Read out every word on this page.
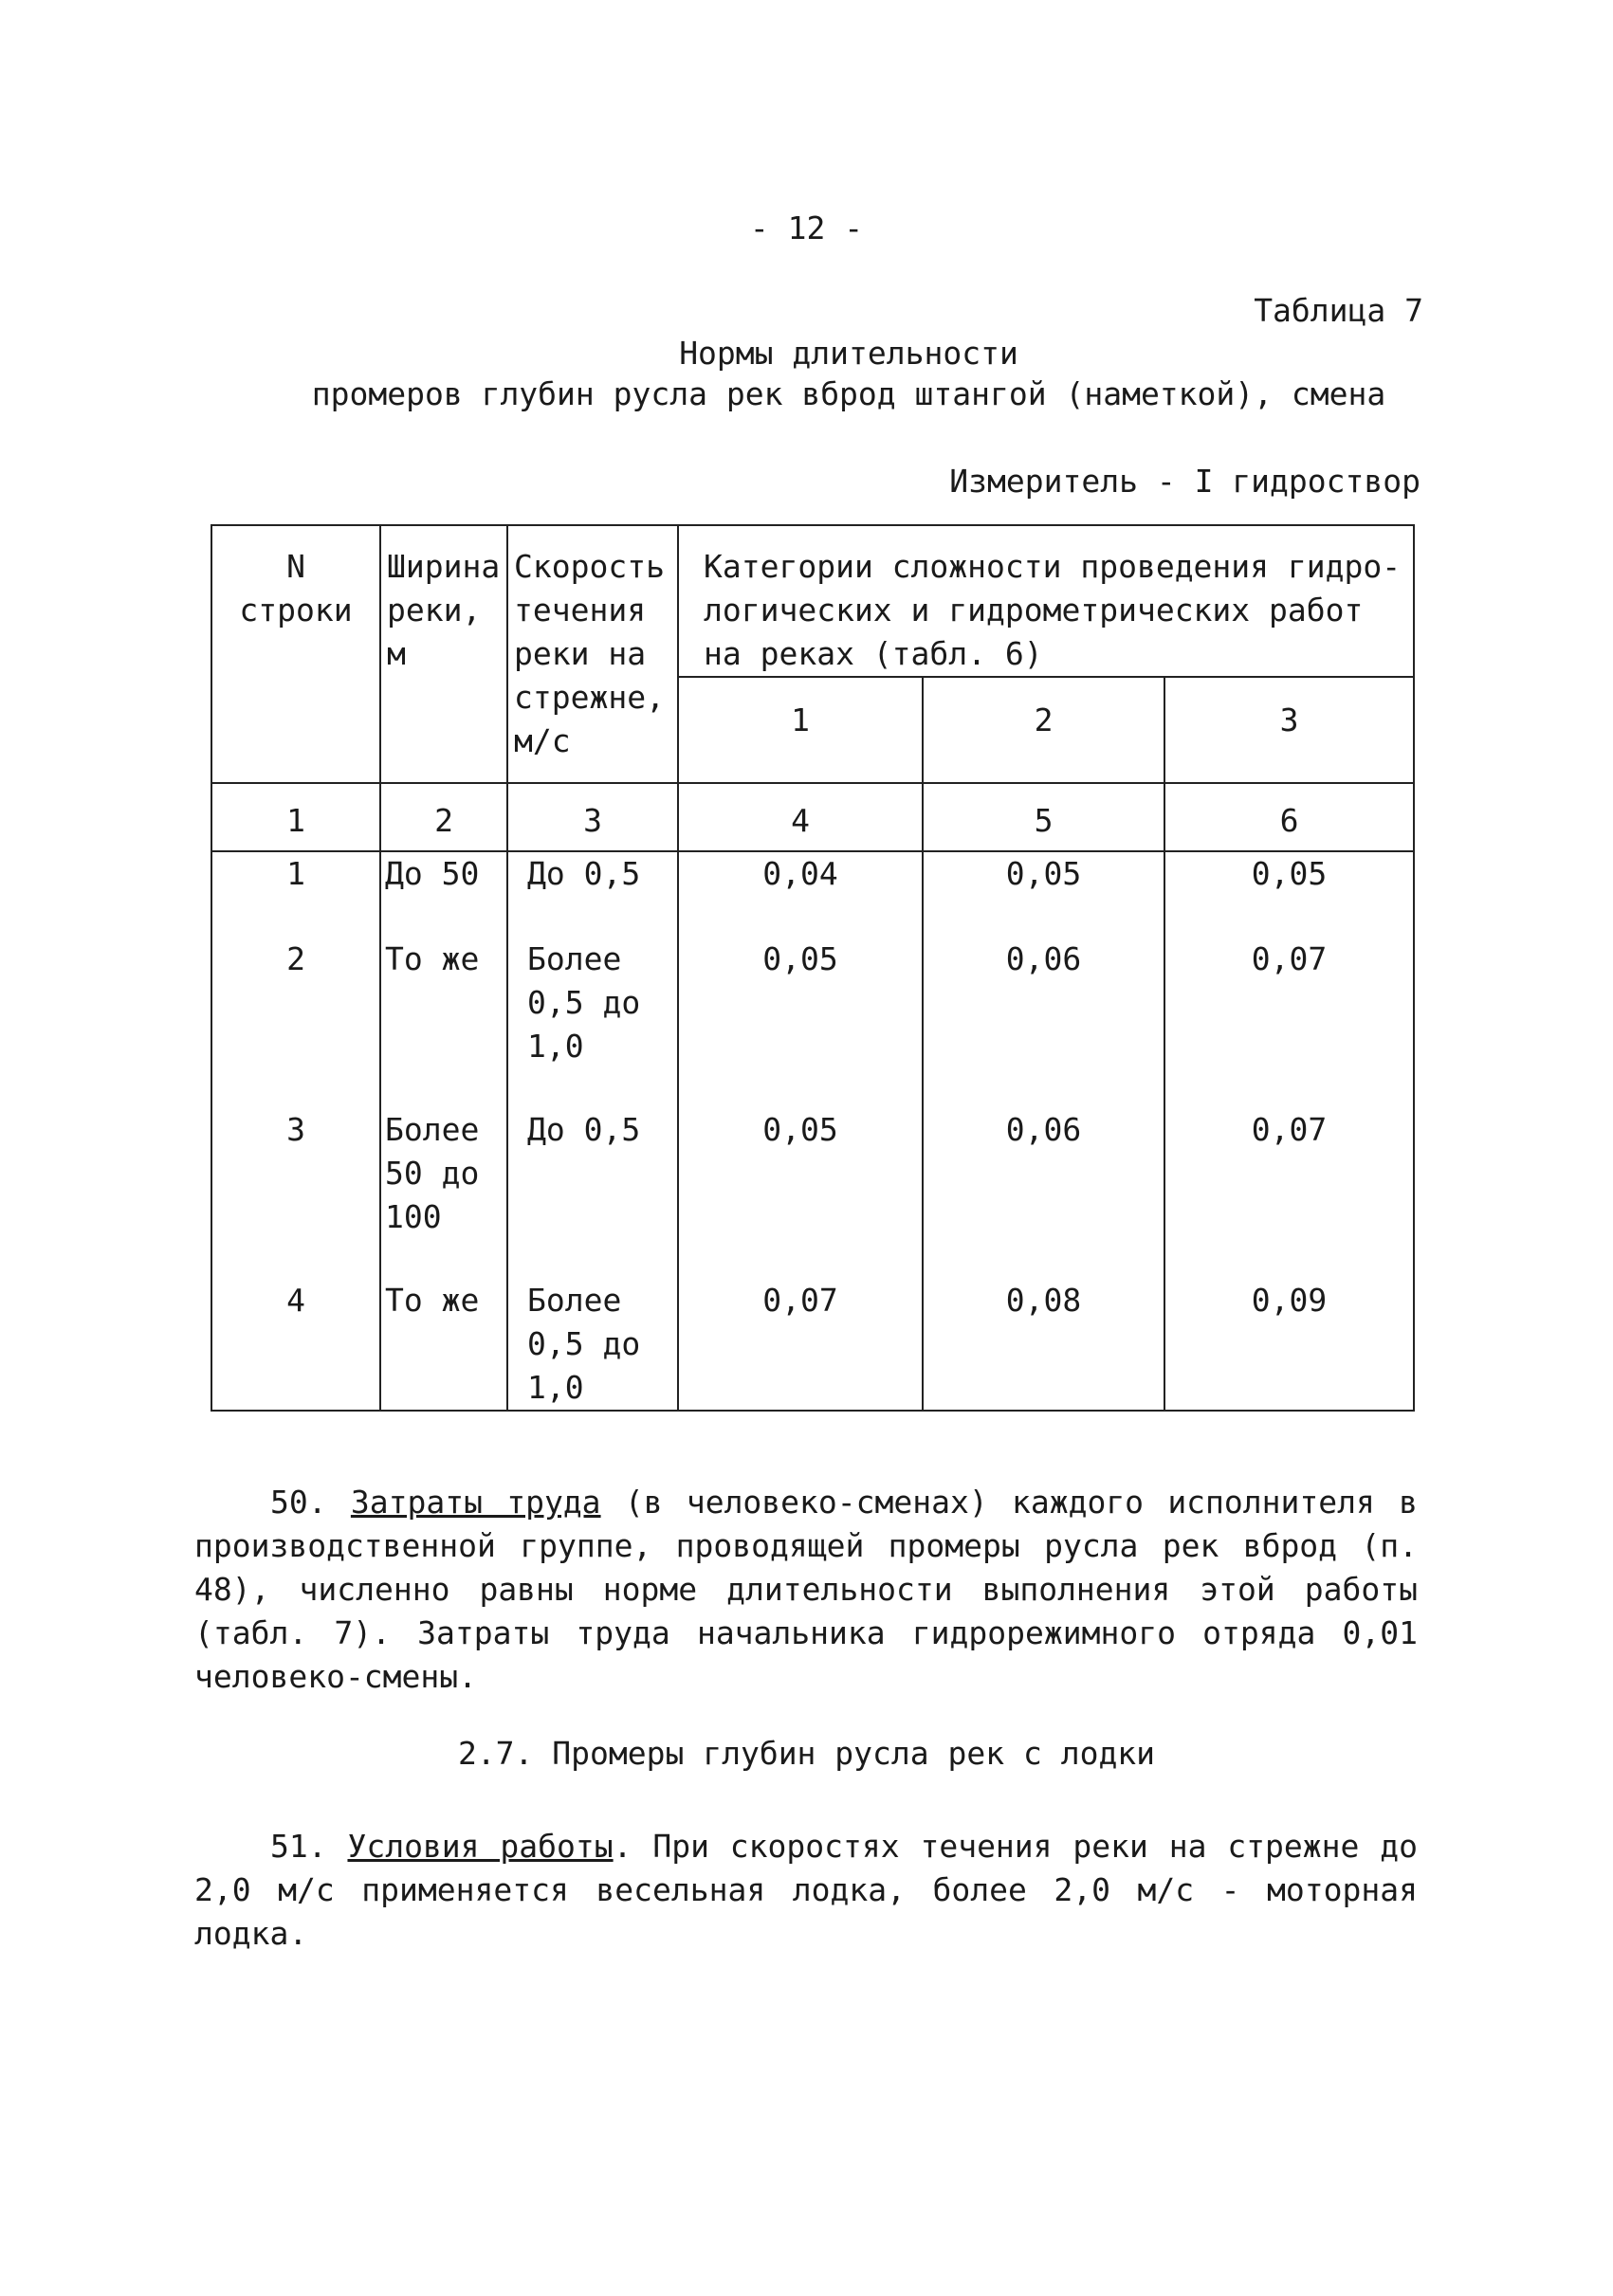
- 12 -
Таблица 7
Нормы длительности
промеров глубин русла рек вброд штангой (наметкой), смена
Измеритель - I гидроствор
N
строки	Ширина
реки,
м	Скорость
течения
реки на
стрежне,
м/с	Категории сложности проведения гидро-
логических и гидрометрических работ
на реках (табл. 6)		

			1	2	3
1	2	3	4	5	6
1	До 50	До 0,5	0,04	0,05	0,05
2	То же	Более
0,5 до
1,0	0,05	0,06	0,07
3	Более
50 до
100	До 0,5	0,05	0,06	0,07
4	То же	Более
0,5 до
1,0	0,07	0,08	0,09
50. Затраты труда (в человеко-сменах) каждого исполнителя в производственной группе, проводящей промеры русла рек вброд (п. 48), численно равны норме длительности выполнения этой работы (табл. 7). Затраты труда начальника гидрорежимного отряда 0,01 человеко-смены.
2.7. Промеры глубин русла рек с лодки
51. Условия работы. При скоростях течения реки на стрежне до 2,0 м/с применяется весельная лодка, более 2,0 м/с - моторная лодка.
